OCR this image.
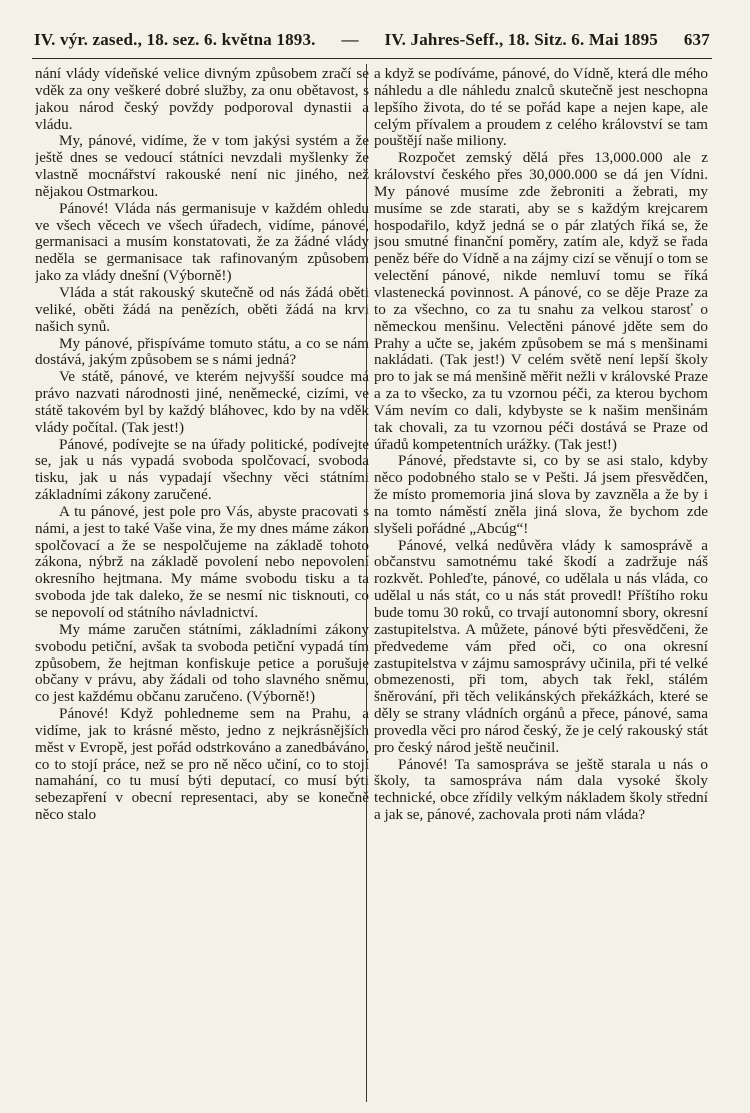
IV. výr. zased., 18. sez. 6. května 1893. — IV. Jahres-Seff., 18. Sitz. 6. Mai 1895 637

nání vlády vídeňské velice divným způsobem zračí se vděk za onу veškeré dobré služby, za onu obětavost, s jakou národ český povždy podporoval dynastii a vládu.

My, pánové, vidíme, že v tom jakýsi systém a že ještě dnes se vedoucí státníci nevzdali myšlenky že vlastně mocnářství rakouské není nic jiného, než nějakou Ostmarkou.

Pánové! Vláda nás germanisuje v každém ohledu ve všech věcech ve všech úřadech, vidíme, pánové, germanisaci a musím konstatovati, že za žádné vlády neděla se germanisace tak rafinovaným způsobem jako za vlády dnešní (Výborně!)

Vláda a stát rakouský skutečně od nás žádá oběti veliké, oběti žádá na penězích, oběti žádá na krvi našich synů.

My pánové, přispíváme tomuto státu, a co se nám dostává, jakým způsobem se s námi jedná?

Ve státě, pánové, ve kterém nejvyšší soudce má právo nazvati národnosti jiné, neněmecké, cizími, ve státě takovém byl by každý bláhovec, kdo by na vděk vlády počítal. (Tak jest!)

Pánové, podívejte se na úřady politické, podívejte se, jak u nás vypadá svoboda spolčovací, svoboda tisku, jak u nás vypadají všechny věci státními základními zákony zaručené.

A tu pánové, jest pole pro Vás, abyste pracovati s námi, a jest to také Vaše vina, že my dnes máme zákon spolčovací a že se nespolčujeme na základě tohoto zákona, nýbrž na základě povolení nebo nepovolení okresního hejtmana. My máme svobodu tisku a ta svoboda jde tak daleko, že se nesmí nic tisknouti, co se nepovolí od státního návladnictví.

My máme zaručen státními, základními zákony svobodu petiční, avšak ta svoboda petiční vypadá tím způsobem, že hejtman konfiskuje petice a porušuje občany v právu, aby žádali od toho slavného sněmu, co jest každému občanu zaručeno. (Výborně!)

Pánové! Když pohledneme sem na Prahu, a vidíme, jak to krásné město, jedno z nejkrásnějších měst v Evropě, jest pořád odstrkováno a zanedbáváno, co to stojí práce, než se pro ně něco učiní, co to stojí namahání, co tu musí býti deputací, co musí býti sebezapření v obecní representaci, aby se konečně něco stalo

a když se podíváme, pánové, do Vídně, která dle mého náhledu a dle náhledu znalců skutečně jest neschopna lepšího života, do té se pořád kape a nejen kape, ale celým přívalem a proudem z celého království se tam pouštějí naše miliony.

Rozpočet zemský dělá přes 13,000.000 ale z království českého přes 30,000.000 se dá jen Vídni. My pánové musíme zde žebroniti a žebrati, my musíme se zde starati, aby se s každým krejcarem hospodařilo, když jedná se o pár zlatých říká se, že jsou smutné finanční poměry, zatím ale, když se řada peněz béře do Vídně a na zájmy cizí se věnují o tom se velectění pánové, nikde nemluví tomu se říká vlastenecká povinnost. A pánové, co se děje Praze za to za všechno, co za tu snahu za velkou starosť o německou menšinu. Velectěni pánové jděte sem do Prahy a učte se, jakém způsobem se má s menšinami nakládati. (Tak jest!) V celém světě není lepší školy pro to jak se má menšině měřit nežli v královské Praze a za to všecko, za tu vzornou péči, za kterou bychom Vám nevím co dali, kdybyste se k našim menšinám tak chovali, za tu vzornou péči dostává se Praze od úřadů kompetentních urážky. (Tak jest!)

Pánové, představte si, co by se asi stalo, kdyby něco podobného stalo se v Pešti. Já jsem přesvědčen, že místo promemoria jiná slova by zavzněla a že by i na tomto náměstí zněla jiná slova, že bychom zde slyšeli pořádné „Abcúg“!

Pánové, velká nedůvěra vlády k samosprávě a občanstvu samotnému také škodí a zadržuje náš rozkvět. Pohleďte, pánové, co udělala u nás vláda, co udělal u nás stát, co u nás stát provedl! Příštího roku bude tomu 30 roků, co trvají autonomní sbory, okresní zastupitelstva. A můžete, pánové býti přesvědčeni, že předvedeme vám před oči, co ona okresní zastupitelstva v zájmu samosprávy učinila, při té velké obmezenosti, při tom, abych tak řekl, stálém šněrování, při těch velikánských překážkách, které se děly se strany vládních orgánů a přece, pánové, sama provedla věci pro národ český, že je celý rakouský stát pro český národ ještě neučinil.

Pánové! Ta samospráva se ještě starala u nás o školy, ta samospráva nám dala vysoké školy technické, obce zřídily velkým nákladem školy střední a jak se, pánové, zachovala proti nám vláda?
